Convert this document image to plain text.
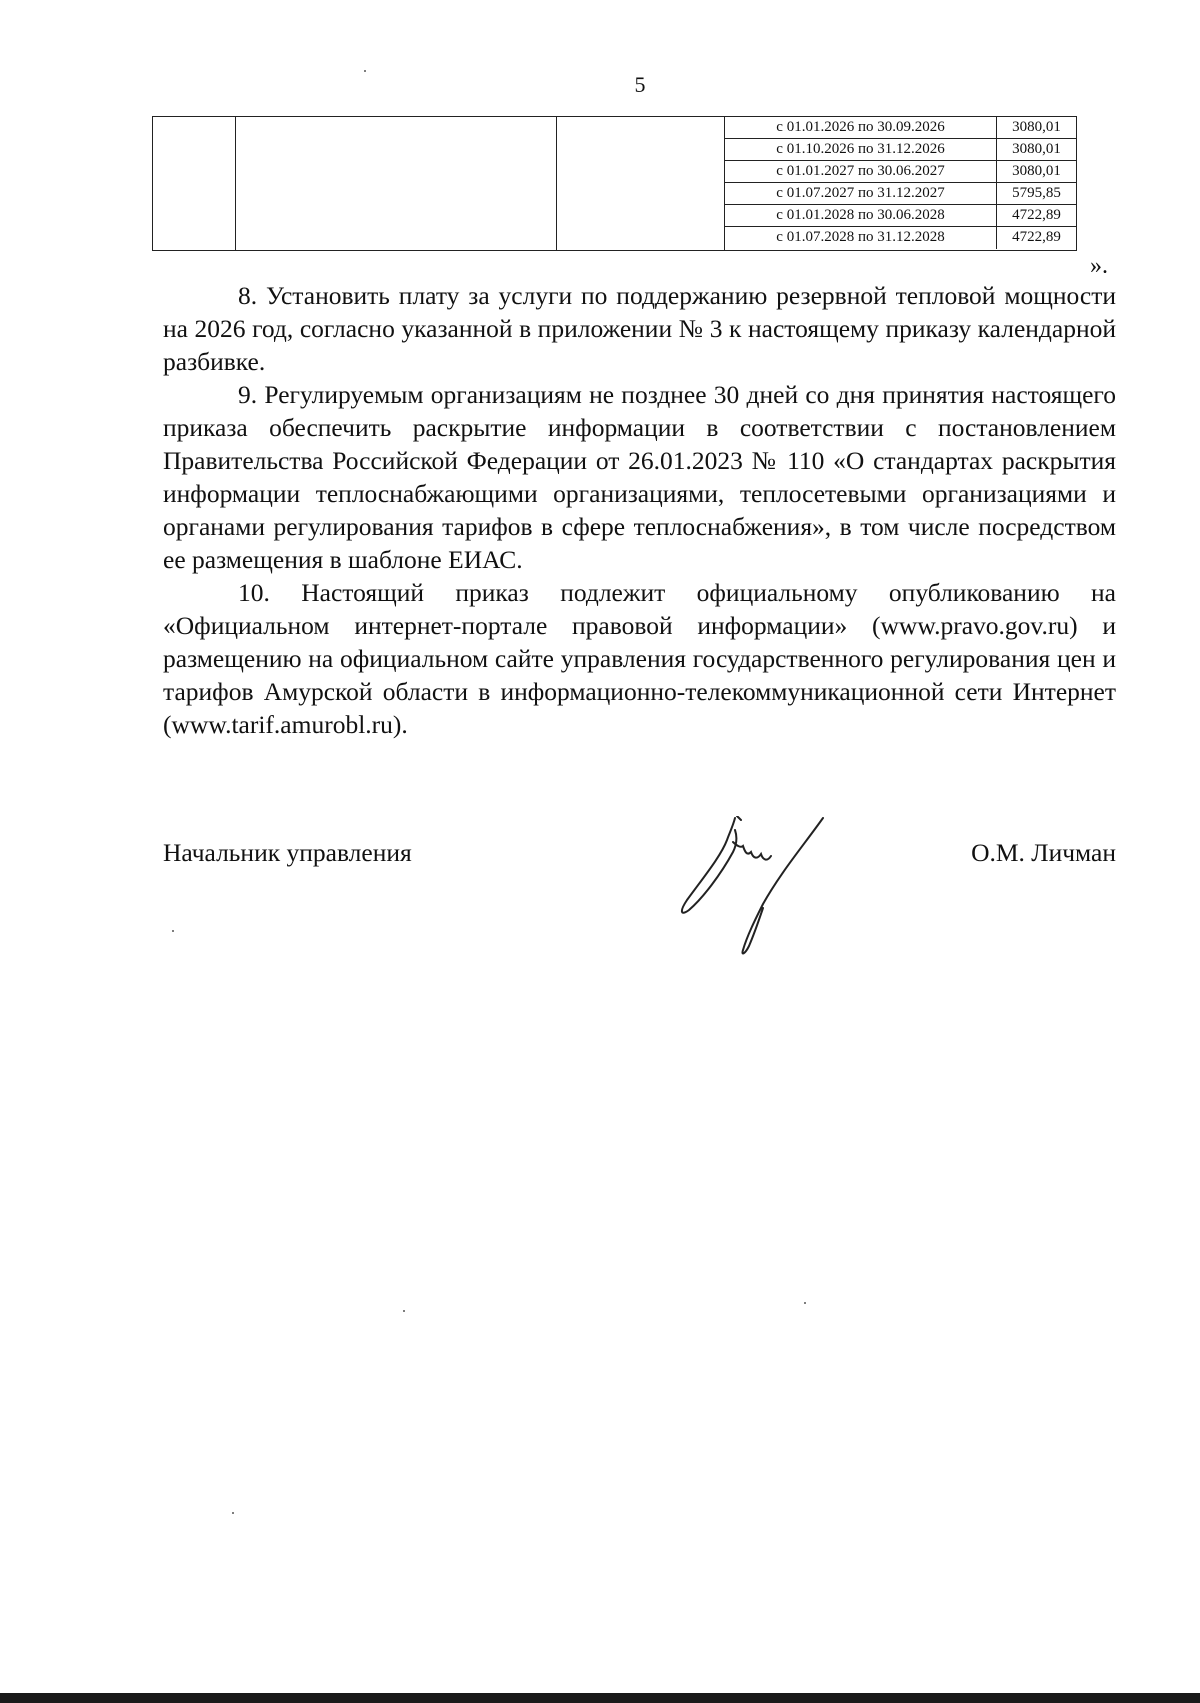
5
с 01.01.2026 по 30.09.2026	3080,01
с 01.10.2026 по 31.12.2026	3080,01
с 01.01.2027 по 30.06.2027	3080,01
с 01.07.2027 по 31.12.2027	5795,85
с 01.01.2028 по 30.06.2028	4722,89
с 01.07.2028 по 31.12.2028	4722,89
».

8. Установить плату за услуги по поддержанию резервной тепловой мощности на 2026 год, согласно указанной в приложении № 3 к настоящему приказу календарной разбивке.

9. Регулируемым организациям не позднее 30 дней со дня принятия настоящего приказа обеспечить раскрытие информации в соответствии с постановлением Правительства Российской Федерации от 26.01.2023 № 110 «О стандартах раскрытия информации теплоснабжающими организациями, теплосетевыми организациями и органами регулирования тарифов в сфере теплоснабжения», в том числе посредством ее размещения в шаблоне ЕИАС.

10. Настоящий приказ подлежит официальному опубликованию на «Официальном интернет-портале правовой информации» (www.pravo.gov.ru) и размещению на официальном сайте управления государственного регулирования цен и тарифов Амурской области в информационно-телекоммуникационной сети Интернет (www.tarif.amurobl.ru).

Начальник управления	О.М. Личман
